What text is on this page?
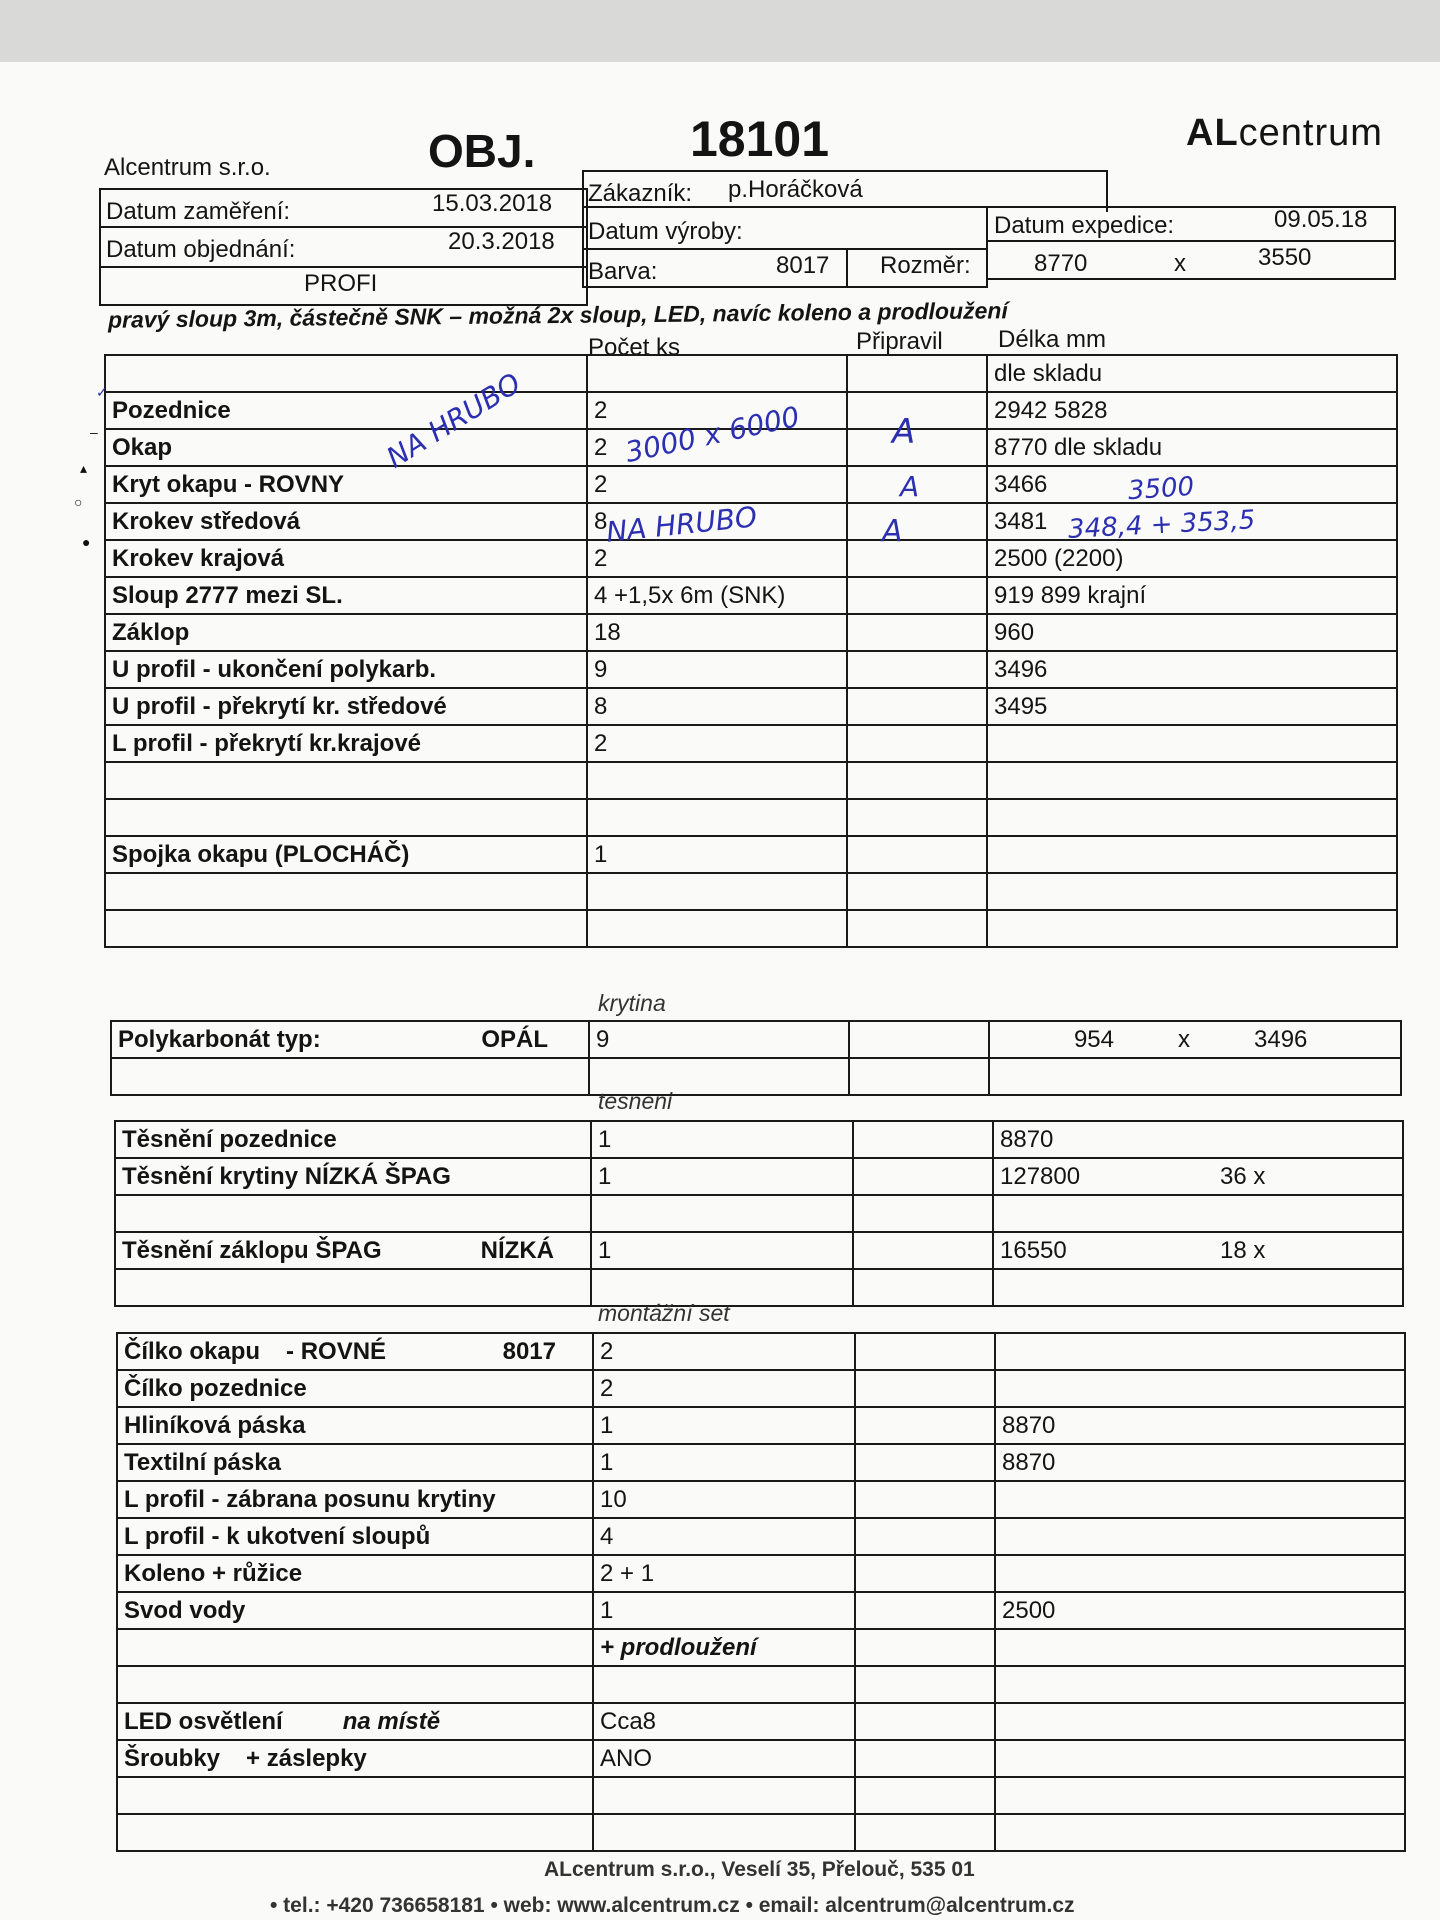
Alcentrum s.r.o.	OBJ.	18101	ALcentrum
Datum zaměření:	15.03.2018
Datum objednání:	20.3.2018
PROFI
Zákazník: p.Horáčková
Datum výroby:
Barva:	8017 Rozměr:
Datum expedice:	09.05.18
8770	x	3550
pravý sloup 3m, částečně SNK – možná 2x sloup, LED, navíc koleno a prodloužení
Počet ks	Připravil Délka mm
			dle skladu
Pozednice	2		2942 5828
Okap	2		8770 dle skladu
Kryt okapu - ROVNY	2		3466
Krokev středová	8		3481
Krokev krajová	2		2500 (2200)
Sloup 2777 mezi SL.	4 +1,5x 6m (SNK)		919 899 krajní
Záklop	18		960
U profil - ukončení polykarb.	9		3496
U profil - překrytí kr. středové	8		3495
L profil - překrytí kr.krajové	2		

Spojka okapu (PLOCHÁČ)	1		

NA HRUBO	3000 x 6000
NA HRUBO
3500
348,4 + 353,5
A
A
A
✓
–
▴
○
●
krytina
Polykarbonát typ: OPÁL	9		954 x 3496

tesneni
Těsnění pozednice	1		8870
Těsnění krytiny NÍZKÁ ŠPAG	1		127800 36 x

Těsnění záklopu ŠPAG NÍZKÁ	1		16550 18 x

montážní set
Čílko okapu - ROVNÉ 8017	2		
Čílko pozednice	2		
Hliníková páska	1		8870
Textilní páska	1		8870
L profil - zábrana posunu krytiny	10		
L profil - k ukotvení sloupů	4		
Koleno + růžice	2 + 1		
Svod vody	1		2500

	+ prodloužení		

LED osvětlení na místě	Cca8		
Šroubky + záslepky	ANO		

ALcentrum s.r.o., Veselí 35, Přelouč, 535 01
• tel.: +420 736658181 • web: www.alcentrum.cz • email: alcentrum@alcentrum.cz
